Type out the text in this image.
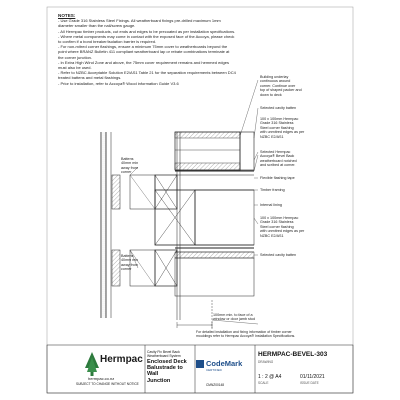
NOTES:
- Use Grade 316 Stainless Steel Fixings. All weatherboard fixings pre-drilled maximum 1mm
diameter smaller than the nail/screw gauge.
- All Hermpac timber products, cut ends and edges to be precoated as per installation specifications.
- Where metal components may come in contact with the exposed face of the Accoya, please check
to confirm if a bond breaker/isolation barrier is required.
- For non-mitred corner flashings, ensure a minimum 75mm cover to weatherboards beyond the
point where BRANZ Bulletin 411 compliant weatherboard lap or rebate combinations terminate at
the corner junction.
- In Extra High Wind Zone and above, the 75mm cover requirement remains and hemmed edges
must also be used.
- Refer to NZBC Acceptable Solution E2/AS1 Table 21 for the separation requirements between DC4
treated battens and metal flashings.
- Prior to installation, refer to Accoya® Wood information Guide V3.6
Building underlay
continuous around
corner. Continue over
top of shaped packer and
down to deck
Selected cavity batten
100 x 100mm Hermpac
Grade 316 Stainless
Steel corner flashing
with unmitred edges as per
NZBC E2/AS1
Selected Hermpac
Accoya® Bevel Back
weatherboard notched
and scribed at corner.
Flexible flashing tape
Timber framing
Internal lining
100 x 100mm Hermpac
Grade 316 Stainless
Steel corner flashing
with unmitred edges as per
NZBC E2/AS1
Selected cavity batten
Battens
40mm min
away from
corner
Battens
40mm min
away from
corner
100mm min. to face of a
window or door jamb stud
For detailed installation and fixing information of timber corner
mouldings refer to Hermpac Accoya® Installation Specifications.
Hermpac
hermpac.co.nz
SUBJECT TO CHANGE WITHOUT NOTICE
Cavity Fix Bevel Back Weatherboard System
Enclosed Deck
Balustrade to Wall
Junction
CodeMark
CERTIFIED
CMNZ00148
HERMPAC-BEVEL-303
DRAWING
1 : 2 @ A4
SCALE
01/11/2021
ISSUE DATE
